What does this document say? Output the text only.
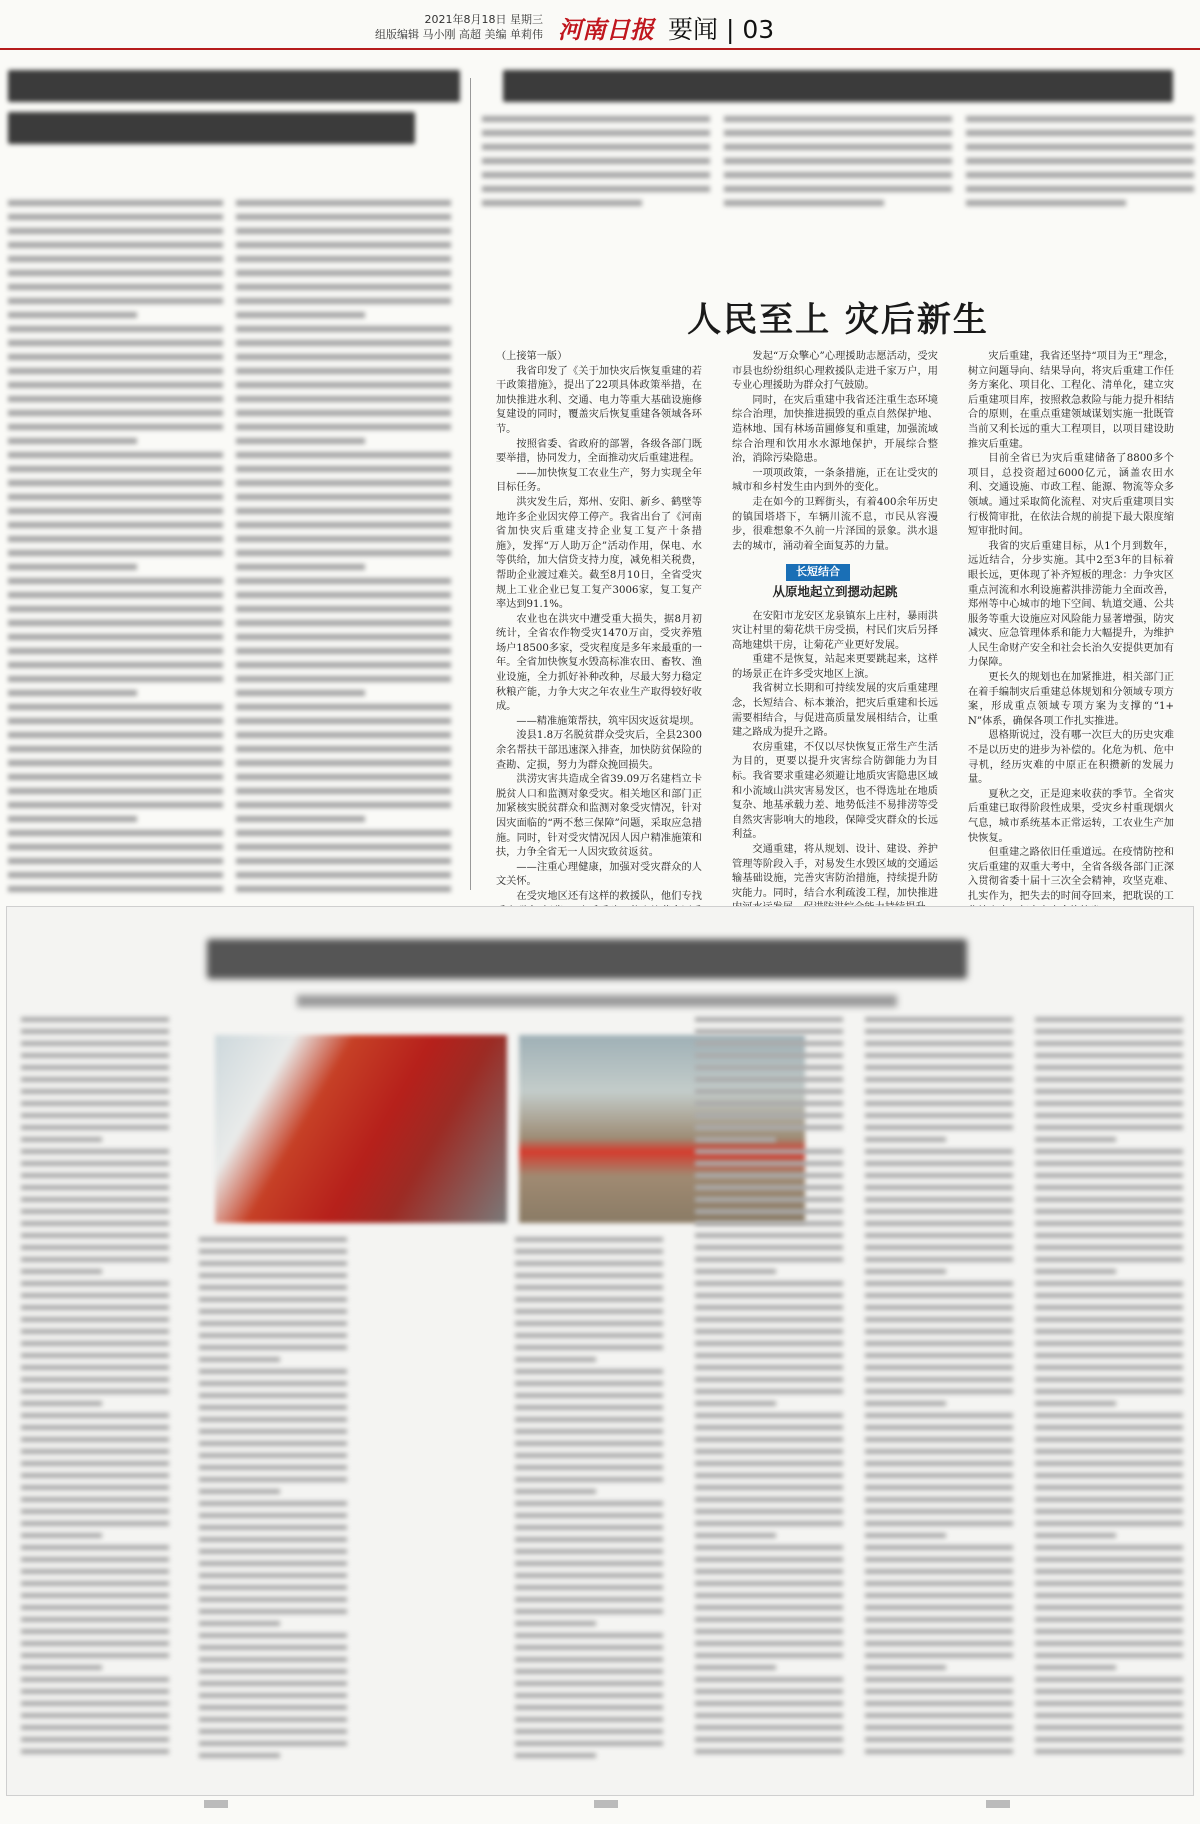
2021年8月18日 星期三
组版编辑 马小刚 高超 美编 单莉伟 河南日报 要闻 | 03
人民至上 灾后新生

（上接第一版）

我省印发了《关于加快灾后恢复重建的若干政策措施》，提出了22项具体政策举措，在加快推进水利、交通、电力等重大基础设施修复建设的同时，覆盖灾后恢复重建各领域各环节。

按照省委、省政府的部署，各级各部门既要举措，协同发力，全面推动灾后重建进程。

——加快恢复工农业生产，努力实现全年目标任务。

洪灾发生后，郑州、安阳、新乡、鹤壁等地许多企业因灾停工停产。我省出台了《河南省加快灾后重建支持企业复工复产十条措施》，发挥“万人助万企”活动作用，保电、水等供给，加大信贷支持力度，减免相关税费，帮助企业渡过难关。截至8月10日，全省受灾规上工业企业已复工复产3006家，复工复产率达到91.1%。

农业也在洪灾中遭受重大损失，据8月初统计，全省农作物受灾1470万亩，受灾养殖场户18500多家，受灾程度是多年来最重的一年。全省加快恢复水毁高标准农田、畜牧、渔业设施，全力抓好补种改种，尽最大努力稳定秋粮产能，力争大灾之年农业生产取得较好收成。

——精准施策帮扶，筑牢因灾返贫堤坝。

浚县1.8万名脱贫群众受灾后，全县2300余名帮扶干部迅速深入排查，加快防贫保险的查勘、定损，努力为群众挽回损失。

洪涝灾害共造成全省39.09万名建档立卡脱贫人口和监测对象受灾。相关地区和部门正加紧核实脱贫群众和监测对象受灾情况，针对因灾面临的“两不愁三保障”问题，采取应急措施。同时，针对受灾情况因人因户精准施策和扶，力争全省无一人因灾致贫返贫。

——注重心理健康，加强对受灾群众的人文关怀。

在受灾地区还有这样的救援队，他们专找

发起“万众擎心”心理援助志愿活动，受灾市县也纷纷组织心理救援队走进千家万户，用专业心理援助为群众打气鼓励。

同时，在灾后重建中我省还注重生态环境综合治理，加快推进损毁的重点自然保护地、造林地、国有林场苗圃修复和重建，加强流域综合治理和饮用水水源地保护，开展综合整治，消除污染隐患。

一项项政策，一条条措施，正在让受灾的城市和乡村发生由内到外的变化。

走在如今的卫辉街头，有着400余年历史的镇国塔塔下，车辆川流不息，市民从容漫步，很难想象不久前一片泽国的景象。洪水退去的城市，涌动着全面复苏的力量。

长短结合
从原地起立到摁动起跳

在安阳市龙安区龙泉镇东上庄村，暴雨洪灾让村里的菊花烘干房受损，村民们灾后另择高地建烘干房，让菊花产业更好发展。

重建不是恢复，站起来更要跳起来，这样的场景正在许多受灾地区上演。

我省树立长期和可持续发展的灾后重建理念，长短结合、标本兼治，把灾后重建和长远需要相结合，与促进高质量发展相结合，让重建之路成为提升之路。

农房重建，不仅以尽快恢复正常生产生活为目的，更要以提升灾害综合防御能力为目标。我省要求重建必须避让地质灾害隐患区域和小流域山洪灾害易发区，也不得选址在地质复杂、地基承载力差、地势低洼不易排涝等受自然灾害影响大的地段，保障受灾群众的长远利益。

交通重建，将从规划、设计、建设、养护管理等阶段入手，对易发生水毁区域的交通运输基础设施，完善灾害防治措施，持续提升防灾能力。同时，结合水利疏浚工程，加快推进

灾后重建，我省还坚持“项目为王”理念，树立问题导向、结果导向，将灾后重建工作任务方案化、项目化、工程化、清单化，建立灾后重建项目库，按照救急救险与能力提升相结合的原则，在重点重建领域谋划实施一批既管当前又利长远的重大工程项目，以项目建设助推灾后重建。

目前全省已为灾后重建储备了8800多个项目，总投资超过6000亿元，涵盖农田水利、交通设施、市政工程、能源、物流等众多领域。通过采取简化流程、对灾后重建项目实行极简审批，在依法合规的前提下最大限度缩短审批时间。

我省的灾后重建目标，从1个月到数年，远近结合，分步实施。其中2至3年的目标着眼长远，更体现了补齐短板的理念：力争灾区重点河流和水利设施蓄洪排涝能力全面改善，郑州等中心城市的地下空间、轨道交通、公共服务等重大设施应对风险能力显著增强，防灾减灾、应急管理体系和能力大幅提升，为维护人民生命财产安全和社会长治久安提供更加有力保障。

更长久的规划也在加紧推进，相关部门正在着手编制灾后重建总体规划和分领域专项方案，形成重点领域专项方案为支撑的“1+N”体系，确保各项工作扎实推进。

恩格斯说过，没有哪一次巨大的历史灾难不是以历史的进步为补偿的。化危为机、危中寻机，经历灾难的中原正在积攒新的发展力量。

夏秋之交，正是迎来收获的季节。全省灾后重建已取得阶段性成果，受灾乡村重现烟火气息，城市系统基本正常运转，工农业生产加快恢复。

但重建之路依旧任重道远。在疫情防控和灾后重建的双重大考中，全省各级各部门正深入贯彻省委十届十三次全会精神，攻坚克难、扎实作为，把失去的时间夺回来，把耽误的工
